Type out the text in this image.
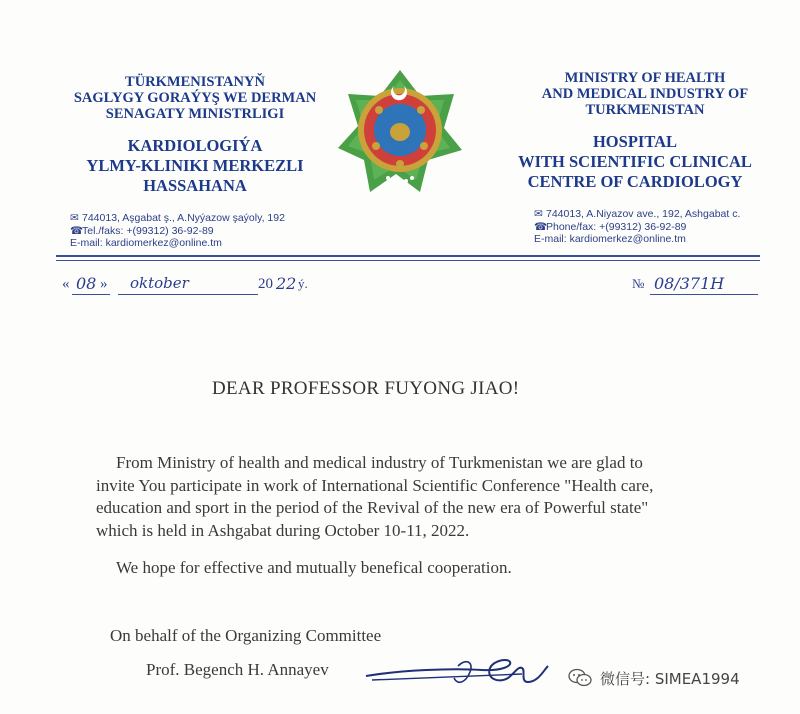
TÜRKMENISTANYŇ
SAGLYGY GORAÝYŞ WE DERMAN
SENAGATY MINISTRLIGI
KARDIOLOGIÝA
YLMY-KLINIKI MERKEZLI
HASSAHANA
✉ 744013, Aşgabat ş., A.Nyýazow şaýoly, 192
☎Tel./faks: +(99312) 36-92-89
E-mail: kardiomerkez@online.tm
MINISTRY OF HEALTH
AND MEDICAL INDUSTRY OF
TURKMENISTAN
HOSPITAL
WITH SCIENTIFIC CLINICAL
CENTRE OF CARDIOLOGY
✉ 744013, A.Niyazov ave., 192, Ashgabat c.
☎Phone/fax: +(99312) 36-92-89
E-mail: kardiomerkez@online.tm
« 08 » oktober	20 22 ý.	№ 08/371H
DEAR PROFESSOR FUYONG JIAO!
From Ministry of health and medical industry of Turkmenistan we are glad to
invite You participate in work of International Scientific Conference "Health care,
education and sport in the period of the Revival of the new era of Powerful state"
which is held in Ashgabat during October 10-11, 2022.
We hope for effective and mutually benefical cooperation.
On behalf of the Organizing Committee
Prof. Begench H. Annayev	微信号: SIMEA1994
